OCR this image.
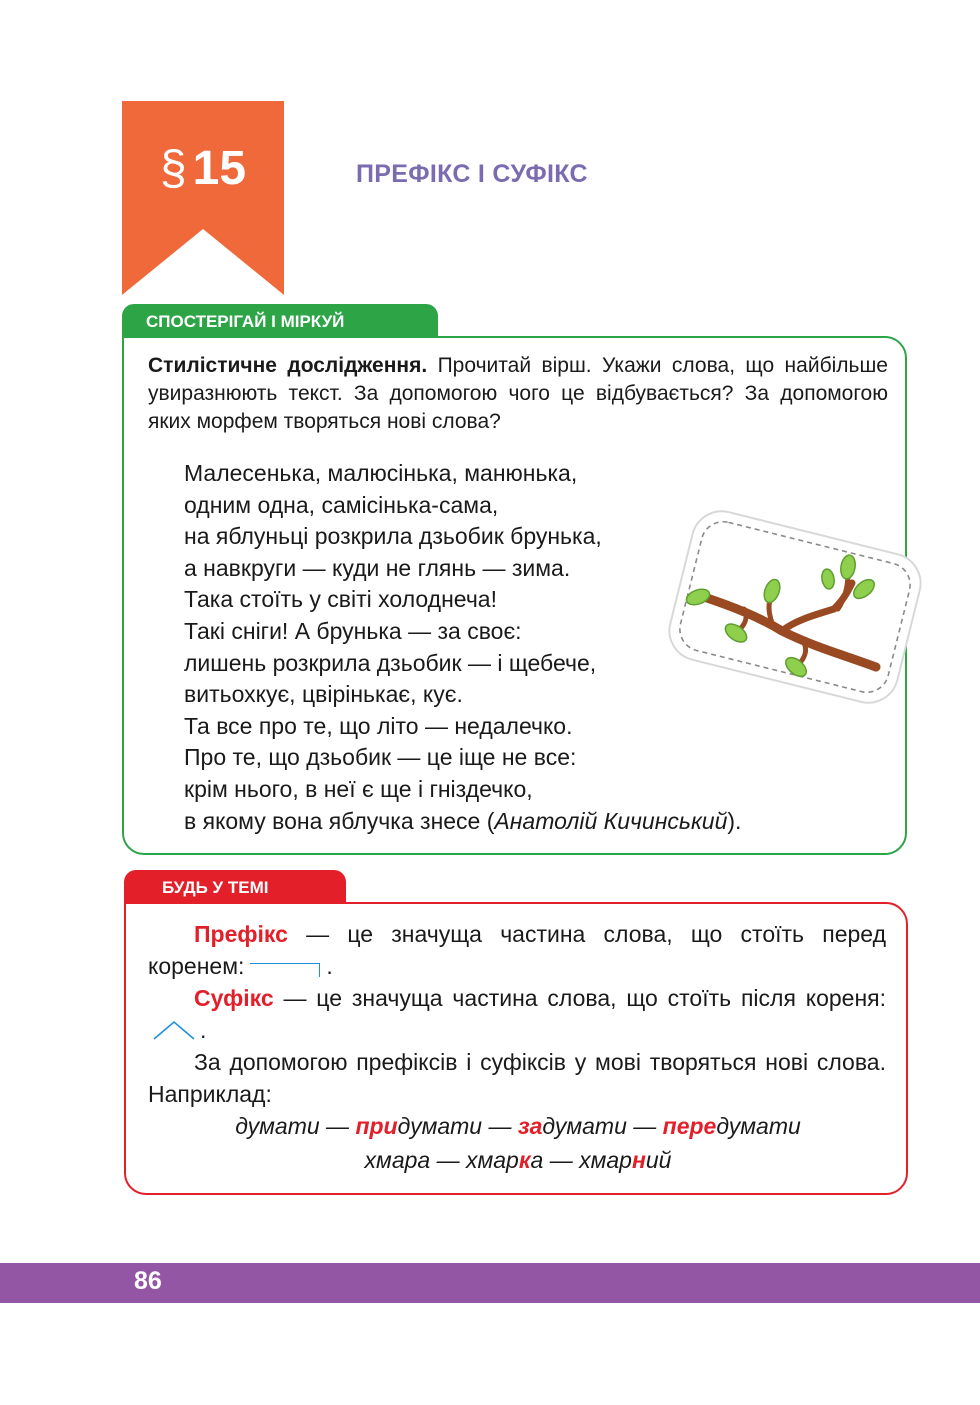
§ 15	ПРЕФІКС І СУФІКС
СПОСТЕРІГАЙ І МІРКУЙ
Стилістичне дослідження. Прочитай вірш. Укажи слова, що найбільше увиразнюють текст. За допомогою чого це відбувається? За допомогою яких морфем творяться нові слова?
Малесенька, малюсінька, манюнька,
одним одна, самісінька-сама,
на яблуньці розкрила дзьобик брунька,
а навкруги — куди не глянь — зима.
Така стоїть у світі холоднеча!
Такі сніги! А брунька — за своє:
лишень розкрила дзьобик — і щебече,
витьохкує, цвірінькає, кує.
Та все про те, що літо — недалечко.
Про те, що дзьобик — це іще не все:
крім нього, в неї є ще і гніздечко,
в якому вона яблучка знесе (Анатолій Кичинський).
БУДЬ У ТЕМІ

Префікс — це значуща частина слова, що стоїть перед коренем:	.

Суфікс — це значуща частина слова, що стоїть після кореня:.

За допомогою префіксів і суфіксів у мові творяться нові слова. Наприклад:

думати — придумати — задумати — передумати
хмара — хмарка — хмарний
86
